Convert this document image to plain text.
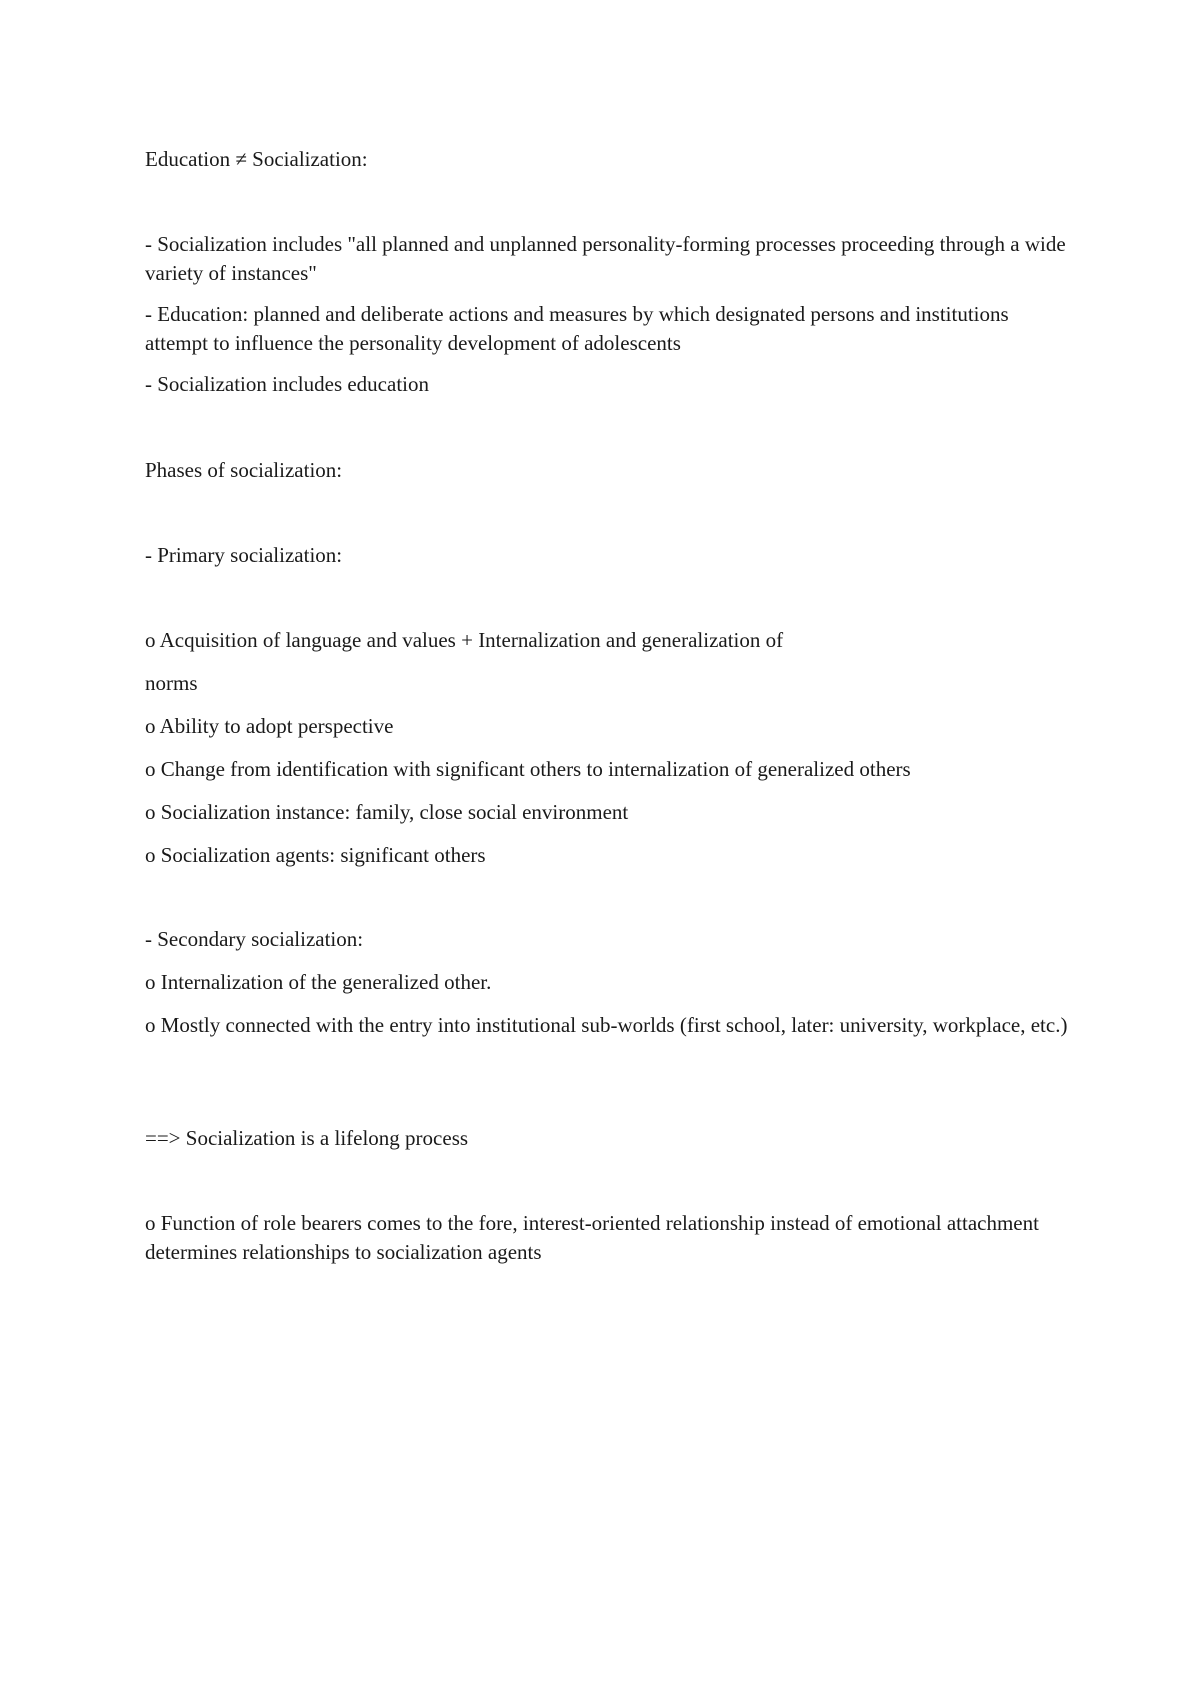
Education ≠ Socialization:

- Socialization includes "all planned and unplanned personality-forming processes proceeding through a wide variety of instances"

- Education: planned and deliberate actions and measures by which designated persons and institutions attempt to influence the personality development of adolescents

- Socialization includes education

Phases of socialization:

- Primary socialization:

o Acquisition of language and values + Internalization and generalization of

norms

o Ability to adopt perspective

o Change from identification with significant others to internalization of generalized others

o Socialization instance: family, close social environment

o Socialization agents: significant others

- Secondary socialization:

o Internalization of the generalized other.

o Mostly connected with the entry into institutional sub-worlds (first school, later: university, workplace, etc.)

==> Socialization is a lifelong process

o Function of role bearers comes to the fore, interest-oriented relationship instead of emotional attachment determines relationships to socialization agents
